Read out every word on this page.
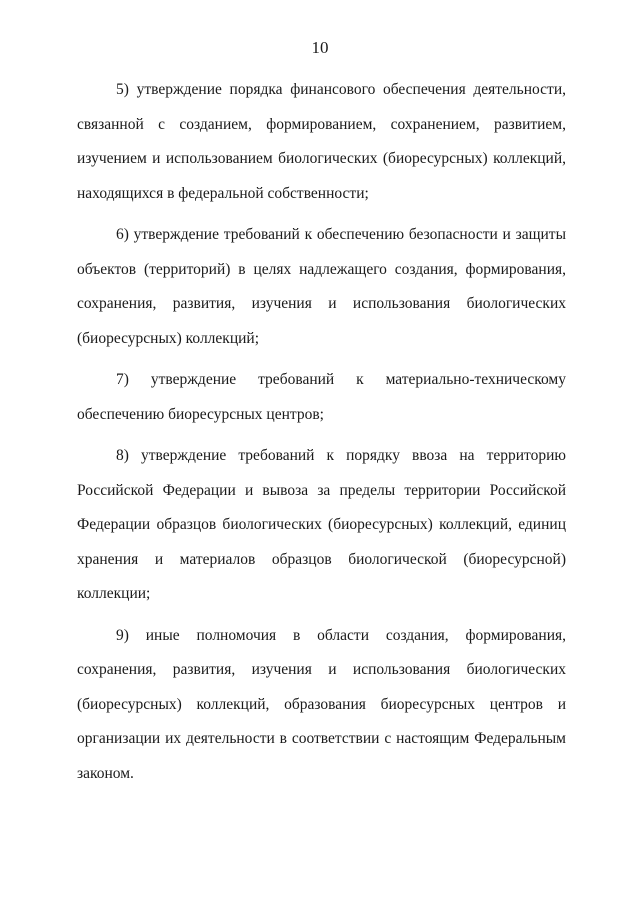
10

5) утверждение порядка финансового обеспечения деятельности, связанной с созданием, формированием, сохранением, развитием, изучением и использованием биологических (биоресурсных) коллекций, находящихся в федеральной собственности;

6) утверждение требований к обеспечению безопасности и защиты объектов (территорий) в целях надлежащего создания, формирования, сохранения, развития, изучения и использования биологических (биоресурсных) коллекций;

7) утверждение требований к материально-техническому обеспечению биоресурсных центров;

8) утверждение требований к порядку ввоза на территорию Российской Федерации и вывоза за пределы территории Российской Федерации образцов биологических (биоресурсных) коллекций, единиц хранения и материалов образцов биологической (биоресурсной) коллекции;

9) иные полномочия в области создания, формирования, сохранения, развития, изучения и использования биологических (биоресурсных) коллекций, образования биоресурсных центров и организации их деятельности в соответствии с настоящим Федеральным законом.
